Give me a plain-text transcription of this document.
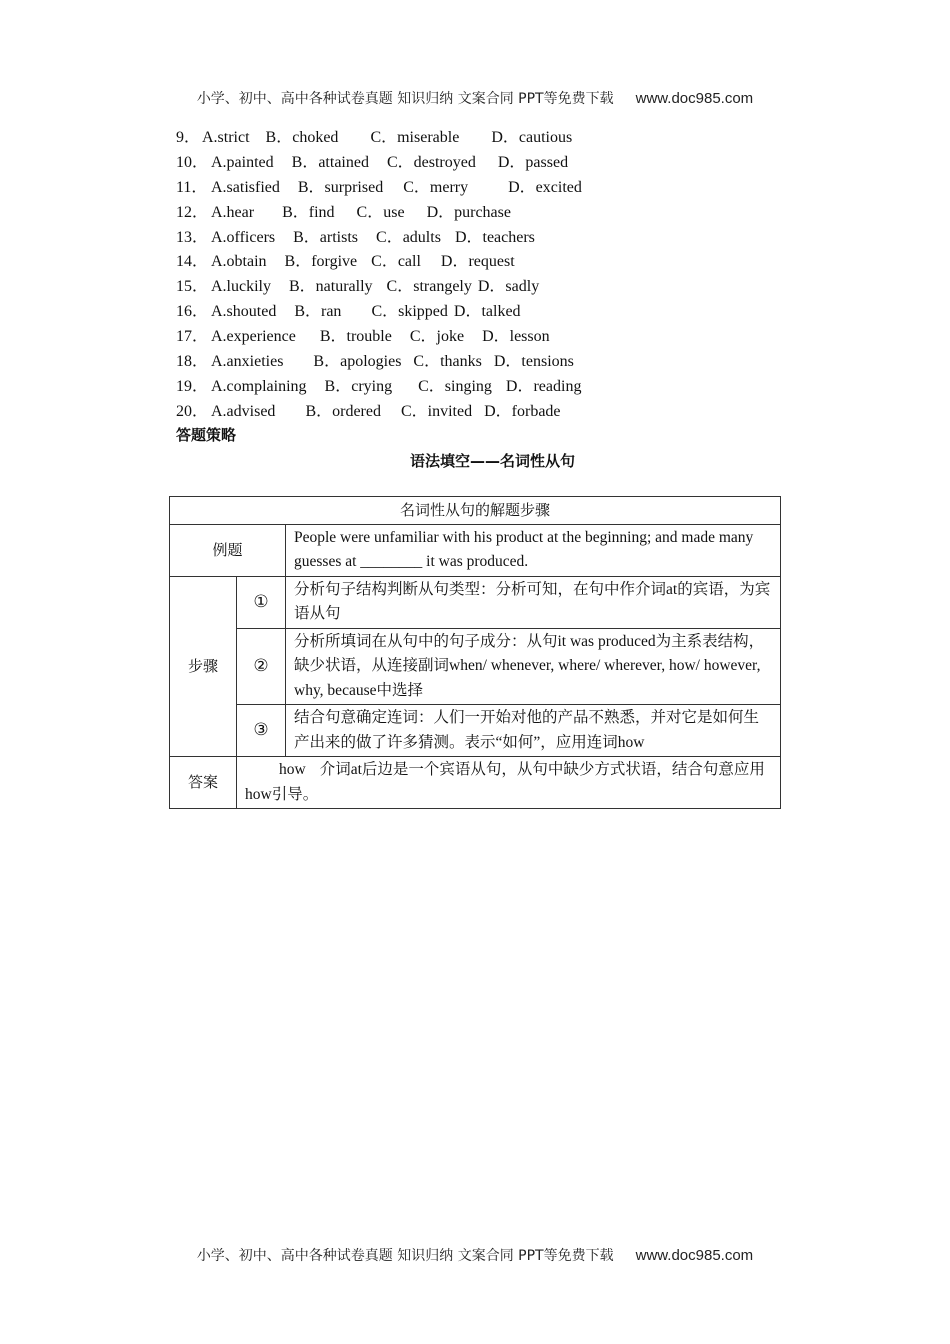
小学、初中、高中各种试卷真题 知识归纳 文案合同 PPT等免费下载 www.doc985.com
9． A.strict B．choked C．miserable D．cautious
10． A.painted B．attained C．destroyed D．passed
11． A.satisfied B．surprised C．merry	D．excited
12． A.hear B．find C．use D．purchase
13． A.officers B．artists C．adults D．teachers
14． A.obtain B．forgive C．call D．request
15． A.luckily B．naturally C．strangely D．sadly
16． A.shouted B．ran C．skipped D．talked
17． A.experience B．trouble C．joke D．lesson
18． A.anxieties B．apologies C．thanks D．tensions
19． A.complaining B．crying C．singing D．reading
20． A.advised B．ordered C．invited D．forbade
答题策略
语法填空——名词性从句
名词性从句的解题步骤		
例题		People were unfamiliar with his product at the beginning; and made many guesses at ________ it was produced.
步骤	①	分析句子结构判断从句类型：分析可知，在句中作介词at的宾语，为宾语从句
	②	分析所填词在从句中的句子成分：从句it was produced为主系表结构，缺少状语，从连接副词when/ whenever, where/ wherever, how/ however, why, because中选择
	③	结合句意确定连词：人们一开始对他的产品不熟悉，并对它是如何生产出来的做了许多猜测。表示“如何”，应用连词how
答案	how 介词at后边是一个宾语从句，从句中缺少方式状语，结合句意应用how引导。	
小学、初中、高中各种试卷真题 知识归纳 文案合同 PPT等免费下载 www.doc985.com
